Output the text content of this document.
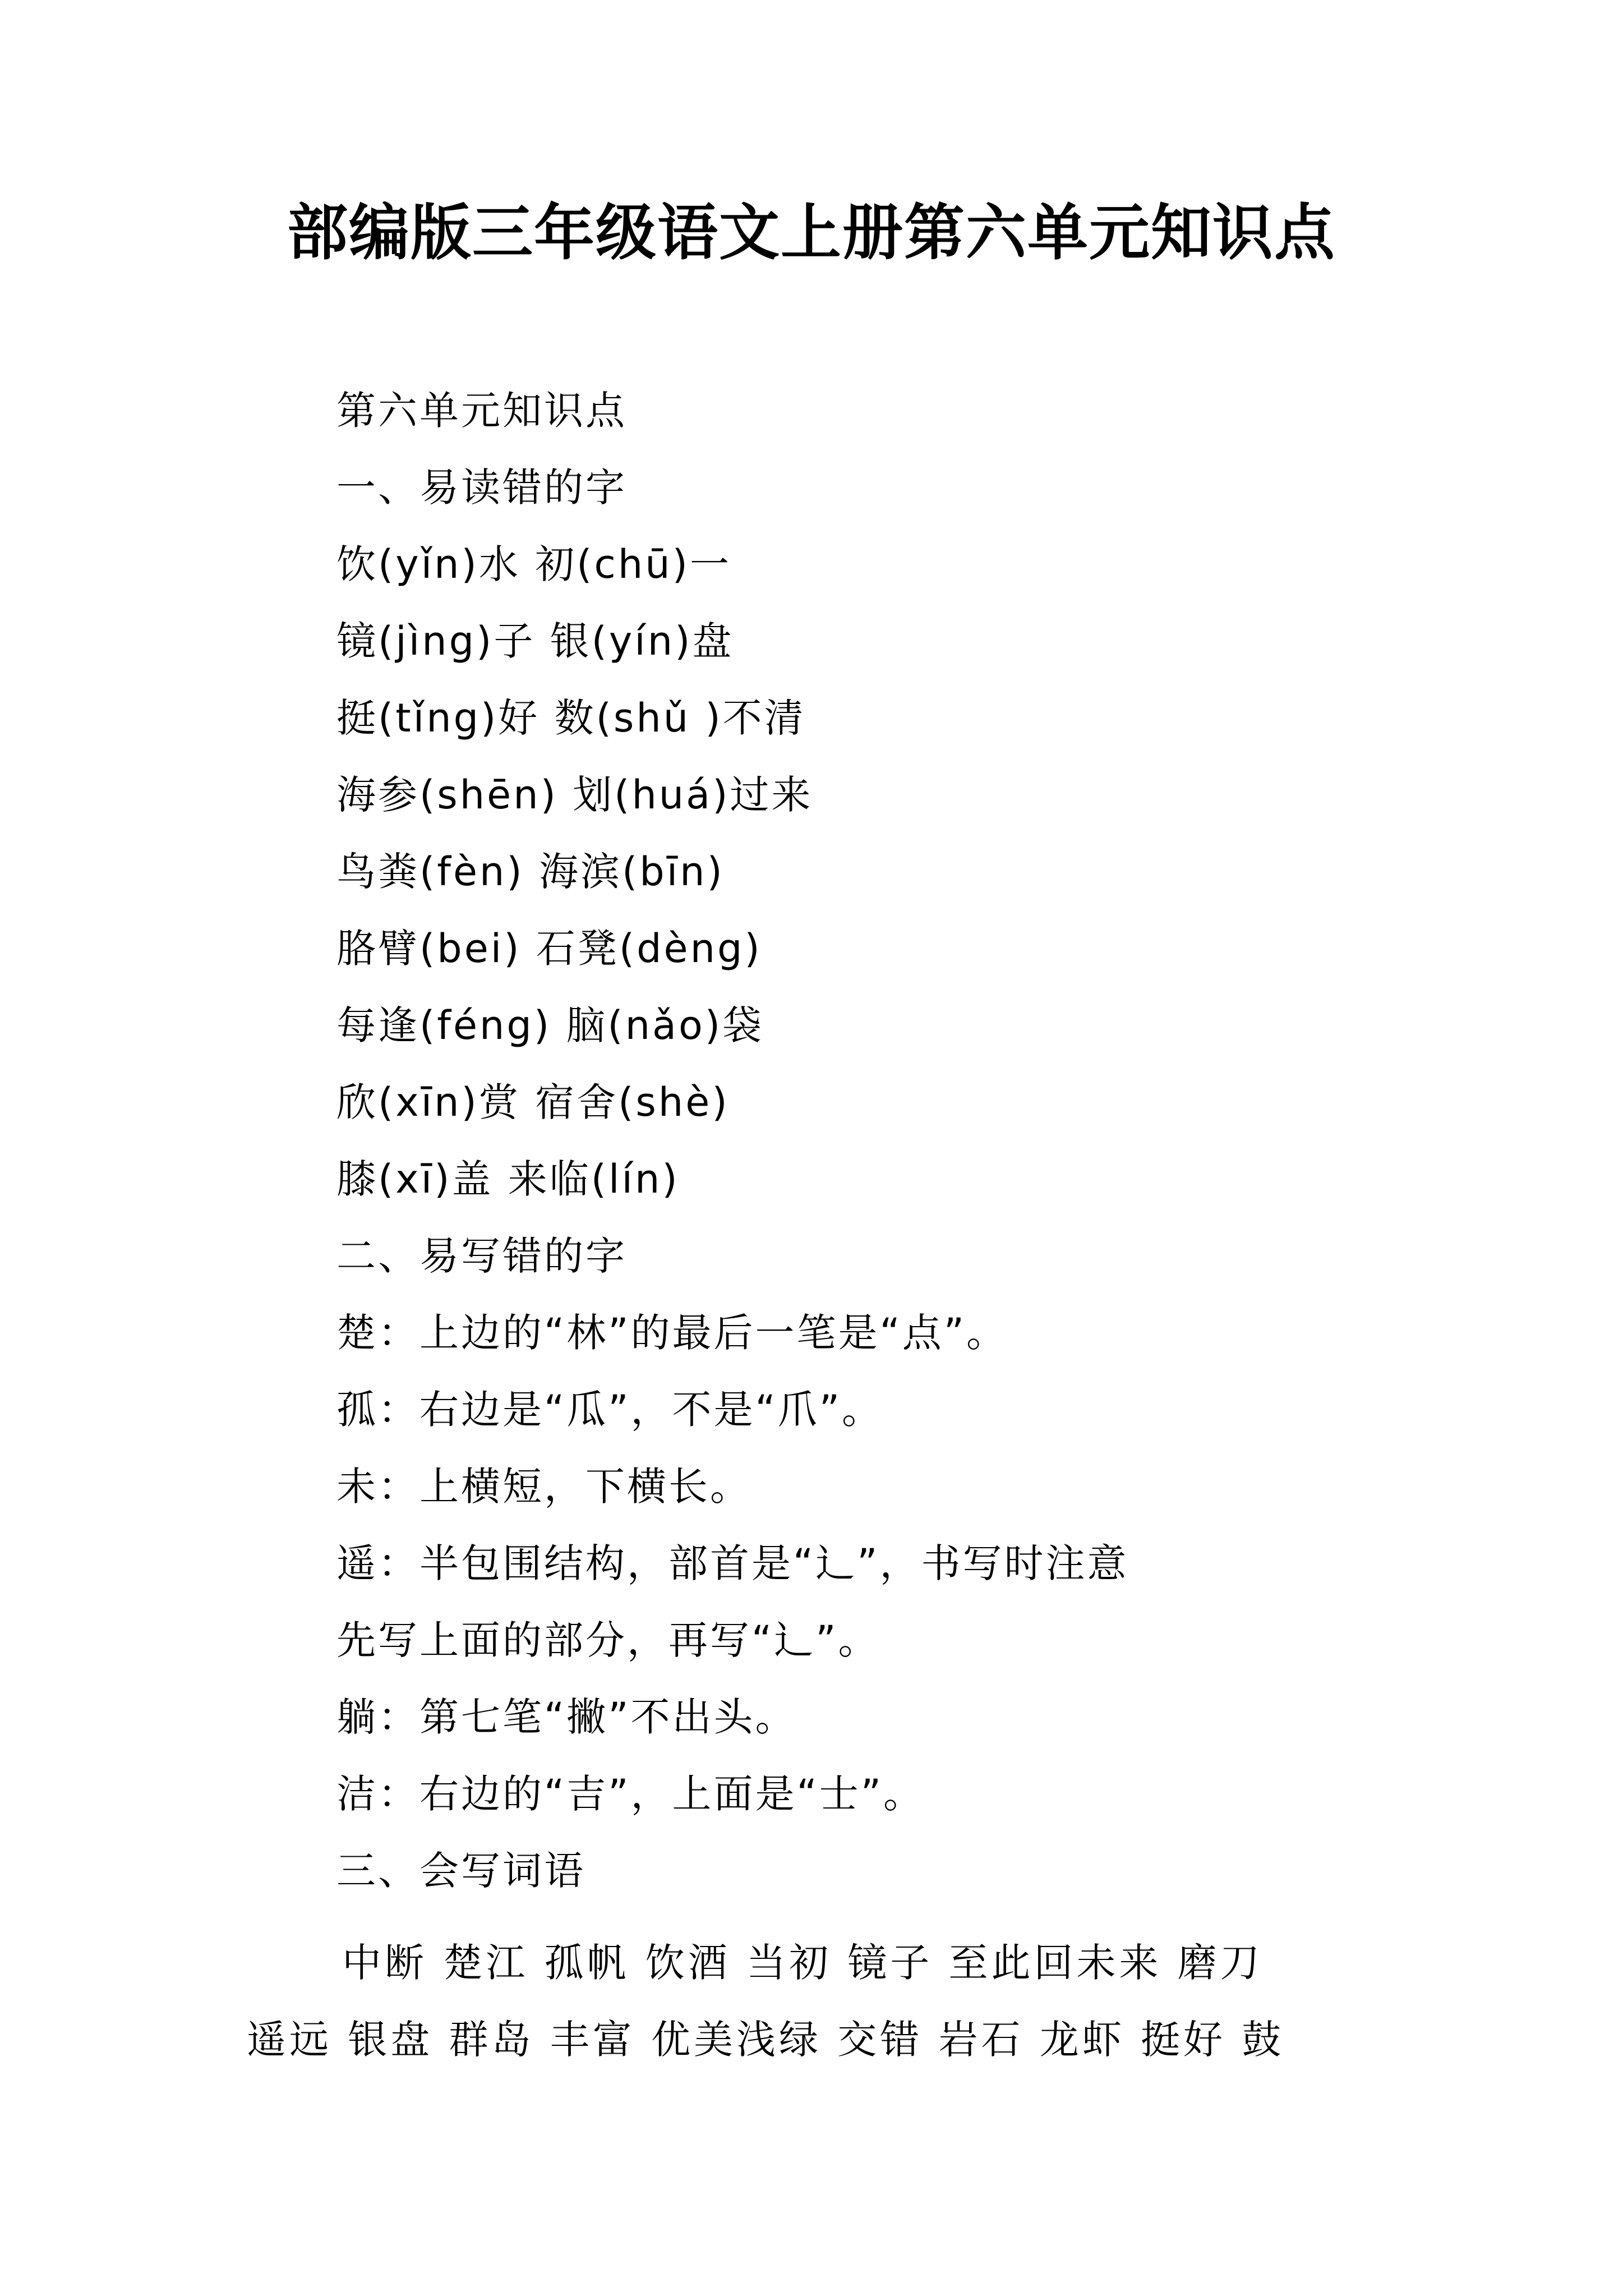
部编版三年级语文上册第六单元知识点
第六单元知识点
一、易读错的字
饮(yǐn)水 初(chū)一
镜(jìng)子 银(yín)盘
挺(tǐng)好 数(shǔ )不清
海参(shēn) 划(huá)过来
鸟粪(fèn) 海滨(bīn)
胳臂(bei) 石凳(dèng)
每逢(féng) 脑(nǎo)袋
欣(xīn)赏 宿舍(shè)
膝(xī)盖 来临(lín)
二、易写错的字
楚：上边的“林”的最后一笔是“点”。
孤：右边是“瓜”，不是“爪”。
未：上横短，下横长。
遥：半包围结构，部首是“辶”，书写时注意
先写上面的部分，再写“辶”。
躺：第七笔“撇”不出头。
洁：右边的“吉”，上面是“士”。
三、会写词语
中断 楚江 孤帆 饮酒 当初 镜子 至此回未来 磨刀
遥远 银盘 群岛 丰富 优美浅绿 交错 岩石 龙虾 挺好 鼓
